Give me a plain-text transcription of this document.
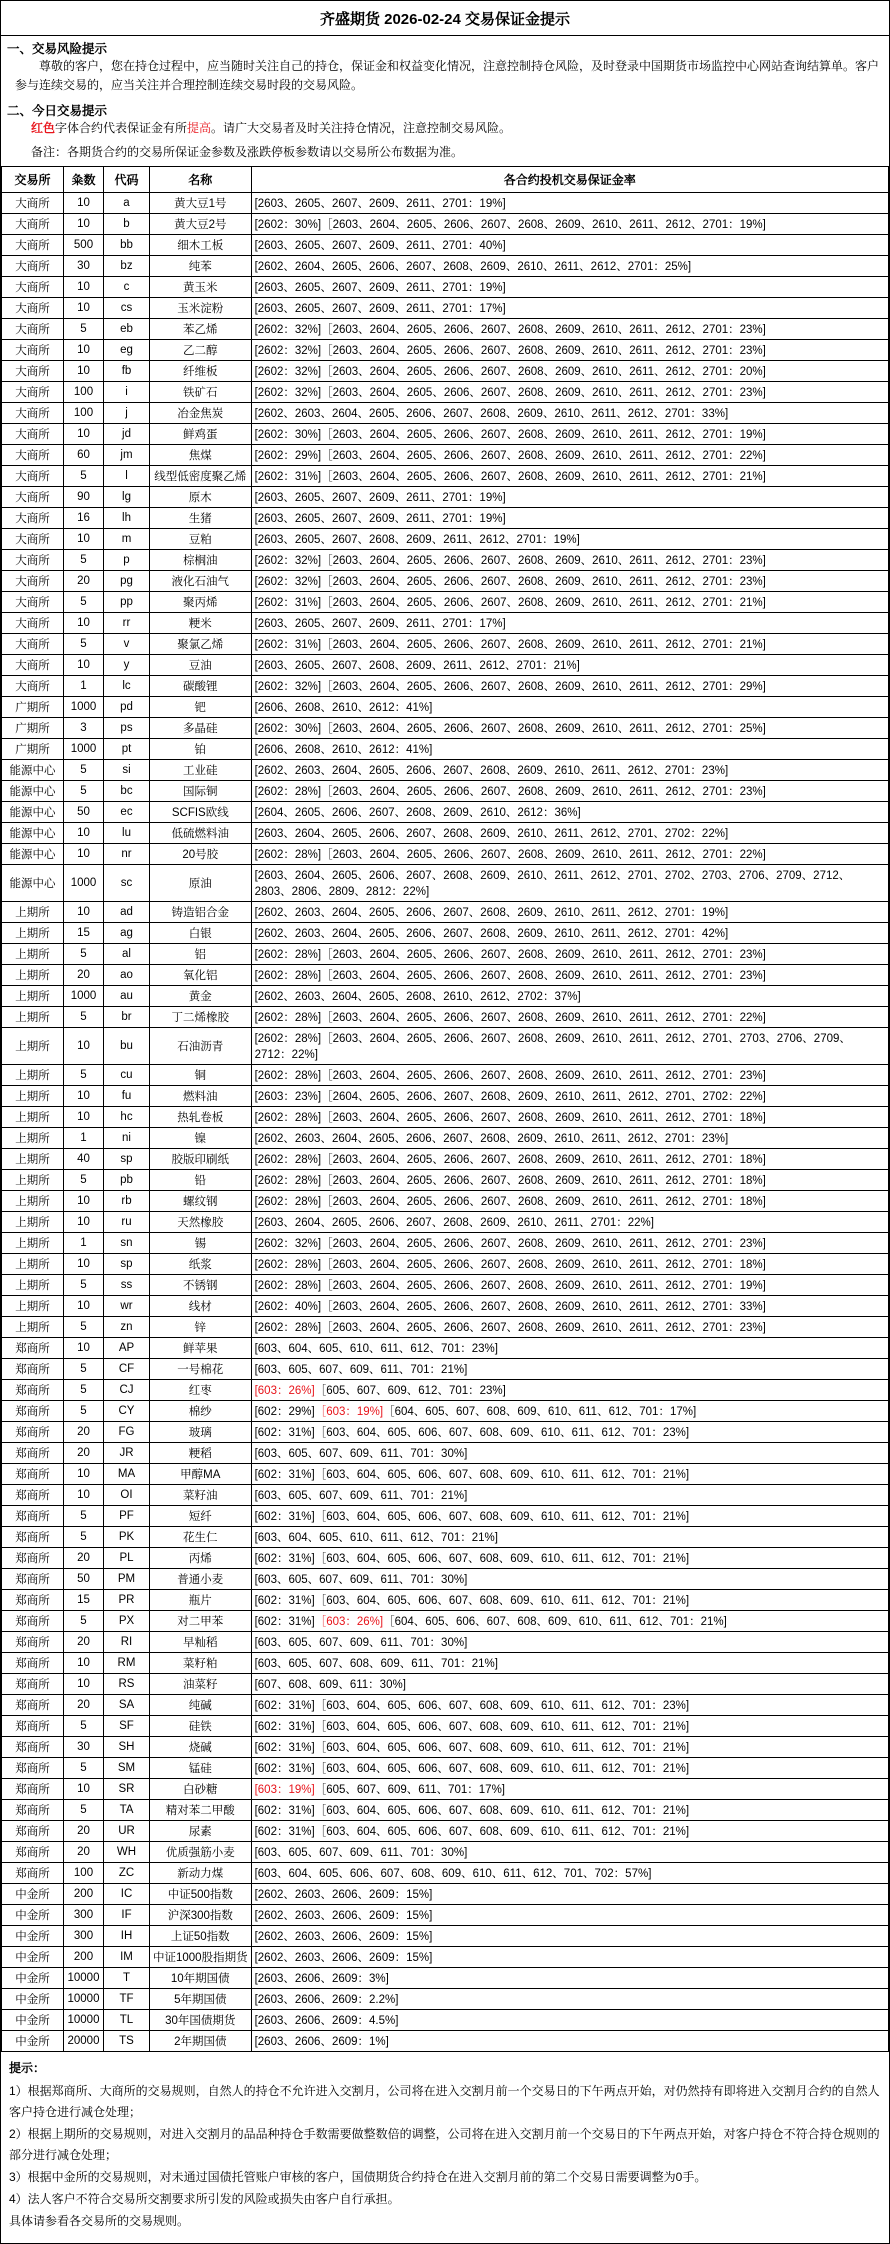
齐盛期货 2026-02-24 交易保证金提示
一、交易风险提示
尊敬的客户，您在持仓过程中，应当随时关注自己的持仓，保证金和权益变化情况，注意控制持仓风险，及时登录中国期货市场监控中心网站查询结算单。客户参与连续交易的，应当关注并合理控制连续交易时段的交易风险。
二、今日交易提示
红色字体合约代表保证金有所提高。请广大交易者及时关注持仓情况，注意控制交易风险。
备注：各期货合约的交易所保证金参数及涨跌停板参数请以交易所公布数据为准。
交易所	粂数	代码	名称	各合约投机交易保证金率
大商所	10	a	黄大豆1号	[2603、2605、2607、2609、2611、2701：19%]
大商所	10	b	黄大豆2号	[2602：30%]［2603、2604、2605、2606、2607、2608、2609、2610、2611、2612、2701：19%]
大商所	500	bb	细木工板	[2603、2605、2607、2609、2611、2701：40%]
大商所	30	bz	纯苯	[2602、2604、2605、2606、2607、2608、2609、2610、2611、2612、2701：25%]
大商所	10	c	黄玉米	[2603、2605、2607、2609、2611、2701：19%]
大商所	10	cs	玉米淀粉	[2603、2605、2607、2609、2611、2701：17%]
大商所	5	eb	苯乙烯	[2602：32%]［2603、2604、2605、2606、2607、2608、2609、2610、2611、2612、2701：23%]
大商所	10	eg	乙二醇	[2602：32%]［2603、2604、2605、2606、2607、2608、2609、2610、2611、2612、2701：23%]
大商所	10	fb	纤维板	[2602：32%]［2603、2604、2605、2606、2607、2608、2609、2610、2611、2612、2701：20%]
大商所	100	i	铁矿石	[2602：32%]［2603、2604、2605、2606、2607、2608、2609、2610、2611、2612、2701：23%]
大商所	100	j	冶金焦炭	[2602、2603、2604、2605、2606、2607、2608、2609、2610、2611、2612、2701：33%]
大商所	10	jd	鲜鸡蛋	[2602：30%]［2603、2604、2605、2606、2607、2608、2609、2610、2611、2612、2701：19%]
大商所	60	jm	焦煤	[2602：29%]［2603、2604、2605、2606、2607、2608、2609、2610、2611、2612、2701：22%]
大商所	5	l	线型低密度聚乙烯	[2602：31%]［2603、2604、2605、2606、2607、2608、2609、2610、2611、2612、2701：21%]
大商所	90	lg	原木	[2603、2605、2607、2609、2611、2701：19%]
大商所	16	lh	生猪	[2603、2605、2607、2609、2611、2701：19%]
大商所	10	m	豆粕	[2603、2605、2607、2608、2609、2611、2612、2701：19%]
大商所	5	p	棕榈油	[2602：32%]［2603、2604、2605、2606、2607、2608、2609、2610、2611、2612、2701：23%]
大商所	20	pg	液化石油气	[2602：32%]［2603、2604、2605、2606、2607、2608、2609、2610、2611、2612、2701：23%]
大商所	5	pp	聚丙烯	[2602：31%]［2603、2604、2605、2606、2607、2608、2609、2610、2611、2612、2701：21%]
大商所	10	rr	粳米	[2603、2605、2607、2609、2611、2701：17%]
大商所	5	v	聚氯乙烯	[2602：31%]［2603、2604、2605、2606、2607、2608、2609、2610、2611、2612、2701：21%]
大商所	10	y	豆油	[2603、2605、2607、2608、2609、2611、2612、2701：21%]
大商所	1	lc	碳酸锂	[2602：32%]［2603、2604、2605、2606、2607、2608、2609、2610、2611、2612、2701：29%]
广期所	1000	pd	钯	[2606、2608、2610、2612：41%]
广期所	3	ps	多晶硅	[2602：30%]［2603、2604、2605、2606、2607、2608、2609、2610、2611、2612、2701：25%]
广期所	1000	pt	铂	[2606、2608、2610、2612：41%]
能源中心	5	si	工业硅	[2602、2603、2604、2605、2606、2607、2608、2609、2610、2611、2612、2701：23%]
能源中心	5	bc	国际铜	[2602：28%]［2603、2604、2605、2606、2607、2608、2609、2610、2611、2612、2701：23%]
能源中心	50	ec	SCFIS欧线	[2604、2605、2606、2607、2608、2609、2610、2612：36%]
能源中心	10	lu	低硫燃料油	[2603、2604、2605、2606、2607、2608、2609、2610、2611、2612、2701、2702：22%]
能源中心	10	nr	20号胶	[2602：28%]［2603、2604、2605、2606、2607、2608、2609、2610、2611、2612、2701：22%]
能源中心	1000	sc	原油	[2603、2604、2605、2606、2607、2608、2609、2610、2611、2612、2701、2702、2703、2706、2709、2712、2803、2806、2809、2812：22%]
上期所	10	ad	铸造铝合金	[2602、2603、2604、2605、2606、2607、2608、2609、2610、2611、2612、2701：19%]
上期所	15	ag	白银	[2602、2603、2604、2605、2606、2607、2608、2609、2610、2611、2612、2701：42%]
上期所	5	al	铝	[2602：28%]［2603、2604、2605、2606、2607、2608、2609、2610、2611、2612、2701：23%]
上期所	20	ao	氧化铝	[2602：28%]［2603、2604、2605、2606、2607、2608、2609、2610、2611、2612、2701：23%]
上期所	1000	au	黄金	[2602、2603、2604、2605、2608、2610、2612、2702：37%]
上期所	5	br	丁二烯橡胶	[2602：28%]［2603、2604、2605、2606、2607、2608、2609、2610、2611、2612、2701：22%]
上期所	10	bu	石油沥青	[2602：28%]［2603、2604、2605、2606、2607、2608、2609、2610、2611、2612、2701、2703、2706、2709、2712：22%]
上期所	5	cu	铜	[2602：28%]［2603、2604、2605、2606、2607、2608、2609、2610、2611、2612、2701：23%]
上期所	10	fu	燃料油	[2603：23%]［2604、2605、2606、2607、2608、2609、2610、2611、2612、2701、2702：22%]
上期所	10	hc	热轧卷板	[2602：28%]［2603、2604、2605、2606、2607、2608、2609、2610、2611、2612、2701：18%]
上期所	1	ni	镍	[2602、2603、2604、2605、2606、2607、2608、2609、2610、2611、2612、2701：23%]
上期所	40	sp	胶版印刷纸	[2602：28%]［2603、2604、2605、2606、2607、2608、2609、2610、2611、2612、2701：18%]
上期所	5	pb	铅	[2602：28%]［2603、2604、2605、2606、2607、2608、2609、2610、2611、2612、2701：18%]
上期所	10	rb	螺纹钢	[2602：28%]［2603、2604、2605、2606、2607、2608、2609、2610、2611、2612、2701：18%]
上期所	10	ru	天然橡胶	[2603、2604、2605、2606、2607、2608、2609、2610、2611、2701：22%]
上期所	1	sn	锡	[2602：32%]［2603、2604、2605、2606、2607、2608、2609、2610、2611、2612、2701：23%]
上期所	10	sp	纸浆	[2602：28%]［2603、2604、2605、2606、2607、2608、2609、2610、2611、2612、2701：18%]
上期所	5	ss	不锈钢	[2602：28%]［2603、2604、2605、2606、2607、2608、2609、2610、2611、2612、2701：19%]
上期所	10	wr	线材	[2602：40%]［2603、2604、2605、2606、2607、2608、2609、2610、2611、2612、2701：33%]
上期所	5	zn	锌	[2602：28%]［2603、2604、2605、2606、2607、2608、2609、2610、2611、2612、2701：23%]
郑商所	10	AP	鲜苹果	[603、604、605、610、611、612、701：23%]
郑商所	5	CF	一号棉花	[603、605、607、609、611、701：21%]
郑商所	5	CJ	红枣	[603：26%]［605、607、609、612、701：23%]
郑商所	5	CY	棉纱	[602：29%]［603：19%]［604、605、607、608、609、610、611、612、701：17%]
郑商所	20	FG	玻璃	[602：31%]［603、604、605、606、607、608、609、610、611、612、701：23%]
郑商所	20	JR	粳稻	[603、605、607、609、611、701：30%]
郑商所	10	MA	甲醇MA	[602：31%]［603、604、605、606、607、608、609、610、611、612、701：21%]
郑商所	10	OI	菜籽油	[603、605、607、609、611、701：21%]
郑商所	5	PF	短纤	[602：31%]［603、604、605、606、607、608、609、610、611、612、701：21%]
郑商所	5	PK	花生仁	[603、604、605、610、611、612、701：21%]
郑商所	20	PL	丙烯	[602：31%]［603、604、605、606、607、608、609、610、611、612、701：21%]
郑商所	50	PM	普通小麦	[603、605、607、609、611、701：30%]
郑商所	15	PR	瓶片	[602：31%]［603、604、605、606、607、608、609、610、611、612、701：21%]
郑商所	5	PX	对二甲苯	[602：31%]［603：26%]［604、605、606、607、608、609、610、611、612、701：21%]
郑商所	20	RI	早籼稻	[603、605、607、609、611、701：30%]
郑商所	10	RM	菜籽粕	[603、605、607、608、609、611、701：21%]
郑商所	10	RS	油菜籽	[607、608、609、611：30%]
郑商所	20	SA	纯碱	[602：31%]［603、604、605、606、607、608、609、610、611、612、701：23%]
郑商所	5	SF	硅铁	[602：31%]［603、604、605、606、607、608、609、610、611、612、701：21%]
郑商所	30	SH	烧碱	[602：31%]［603、604、605、606、607、608、609、610、611、612、701：21%]
郑商所	5	SM	锰硅	[602：31%]［603、604、605、606、607、608、609、610、611、612、701：21%]
郑商所	10	SR	白砂糖	[603：19%]［605、607、609、611、701：17%]
郑商所	5	TA	精对苯二甲酸	[602：31%]［603、604、605、606、607、608、609、610、611、612、701：21%]
郑商所	20	UR	尿素	[602：31%]［603、604、605、606、607、608、609、610、611、612、701：21%]
郑商所	20	WH	优质强筋小麦	[603、605、607、609、611、701：30%]
郑商所	100	ZC	新动力煤	[603、604、605、606、607、608、609、610、611、612、701、702：57%]
中金所	200	IC	中证500指数	[2602、2603、2606、2609：15%]
中金所	300	IF	沪深300指数	[2602、2603、2606、2609：15%]
中金所	300	IH	上证50指数	[2602、2603、2606、2609：15%]
中金所	200	IM	中证1000股指期货	[2602、2603、2606、2609：15%]
中金所	10000	T	10年期国债	[2603、2606、2609：3%]
中金所	10000	TF	5年期国债	[2603、2606、2609：2.2%]
中金所	10000	TL	30年国债期货	[2603、2606、2609：4.5%]
中金所	20000	TS	2年期国债	[2603、2606、2609：1%]

提示：

1）根据郑商所、大商所的交易规则，自然人的持仓不允许进入交割月，公司将在进入交割月前一个交易日的下午两点开始，对仍然持有即将进入交割月合约的自然人客户持仓进行减仓处理；

2）根据上期所的交易规则，对进入交割月的品品种持仓手数需要做整数倍的调整，公司将在进入交割月前一个交易日的下午两点开始，对客户持仓不符合持仓规则的部分进行减仓处理；

3）根据中金所的交易规则，对未通过国债托管账户审核的客户，国债期货合约持仓在进入交割月前的第二个交易日需要调整为0手。

4）法人客户不符合交易所交割要求所引发的风险或损失由客户自行承担。

具体请参看各交易所的交易规则。
